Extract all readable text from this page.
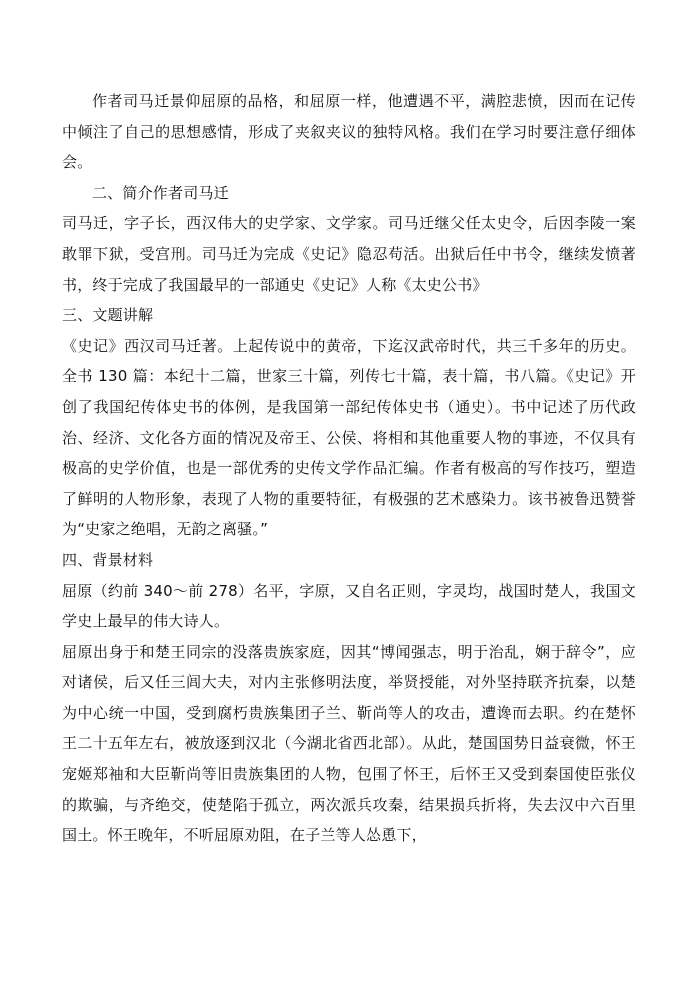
作者司马迁景仰屈原的品格，和屈原一样，他遭遇不平，满腔悲愤，因而在记传中倾注了自己的思想感情，形成了夹叙夹议的独特风格。我们在学习时要注意仔细体会。

二、简介作者司马迁

司马迁，字子长，西汉伟大的史学家、文学家。司马迁继父任太史令，后因李陵一案敢罪下狱，受宫刑。司马迁为完成《史记》隐忍苟活。出狱后任中书令，继续发愤著书，终于完成了我国最早的一部通史《史记》人称《太史公书》

三、文题讲解

《史记》西汉司马迁著。上起传说中的黄帝，下迄汉武帝时代，共三千多年的历史。全书 130 篇：本纪十二篇，世家三十篇，列传七十篇，表十篇，书八篇。《史记》开创了我国纪传体史书的体例，是我国第一部纪传体史书（通史）。书中记述了历代政治、经济、文化各方面的情况及帝王、公侯、将相和其他重要人物的事迹，不仅具有极高的史学价值，也是一部优秀的史传文学作品汇编。作者有极高的写作技巧，塑造了鲜明的人物形象，表现了人物的重要特征，有极强的艺术感染力。该书被鲁迅赞誉为“史家之绝唱，无韵之离骚。”

四、背景材料

屈原（约前 340～前 278）名平，字原，又自名正则，字灵均，战国时楚人，我国文学史上最早的伟大诗人。

屈原出身于和楚王同宗的没落贵族家庭，因其“博闻强志，明于治乱，娴于辞令”，应对诸侯，后又任三闾大夫，对内主张修明法度，举贤授能，对外坚持联齐抗秦，以楚为中心统一中国，受到腐朽贵族集团子兰、靳尚等人的攻击，遭谗而去职。约在楚怀王二十五年左右，被放逐到汉北（今湖北省西北部）。从此，楚国国势日益衰微，怀王宠姬郑袖和大臣靳尚等旧贵族集团的人物，包围了怀王，后怀王又受到秦国使臣张仪的欺骗，与齐绝交，使楚陷于孤立，两次派兵攻秦，结果损兵折将，失去汉中六百里国土。怀王晚年，不听屈原劝阻，在子兰等人怂恿下，
